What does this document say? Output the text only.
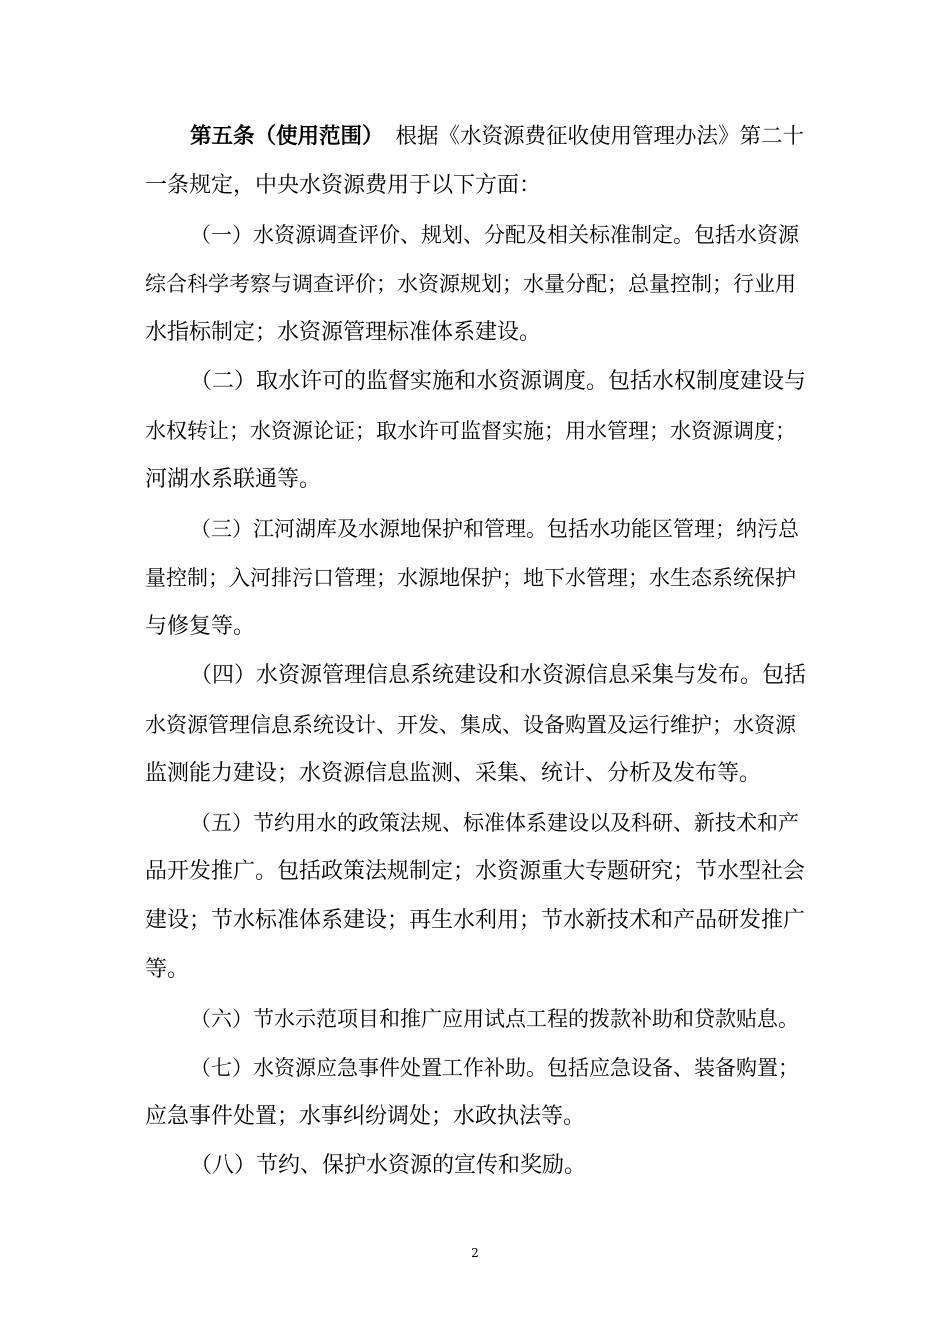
第五条（使用范围） 根据《水资源费征收使用管理办法》第二十
一条规定，中央水资源费用于以下方面：
（一）水资源调查评价、规划、分配及相关标准制定。包括水资源
综合科学考察与调查评价；水资源规划；水量分配；总量控制；行业用
水指标制定；水资源管理标准体系建设。
（二）取水许可的监督实施和水资源调度。包括水权制度建设与
水权转让；水资源论证；取水许可监督实施；用水管理；水资源调度；
河湖水系联通等。
（三）江河湖库及水源地保护和管理。包括水功能区管理；纳污总
量控制；入河排污口管理；水源地保护；地下水管理；水生态系统保护
与修复等。
（四）水资源管理信息系统建设和水资源信息采集与发布。包括
水资源管理信息系统设计、开发、集成、设备购置及运行维护；水资源
监测能力建设；水资源信息监测、采集、统计、分析及发布等。
（五）节约用水的政策法规、标准体系建设以及科研、新技术和产
品开发推广。包括政策法规制定；水资源重大专题研究；节水型社会
建设；节水标准体系建设；再生水利用；节水新技术和产品研发推广
等。
（六）节水示范项目和推广应用试点工程的拨款补助和贷款贴息。
（七）水资源应急事件处置工作补助。包括应急设备、装备购置；
应急事件处置；水事纠纷调处；水政执法等。
（八）节约、保护水资源的宣传和奖励。
2
